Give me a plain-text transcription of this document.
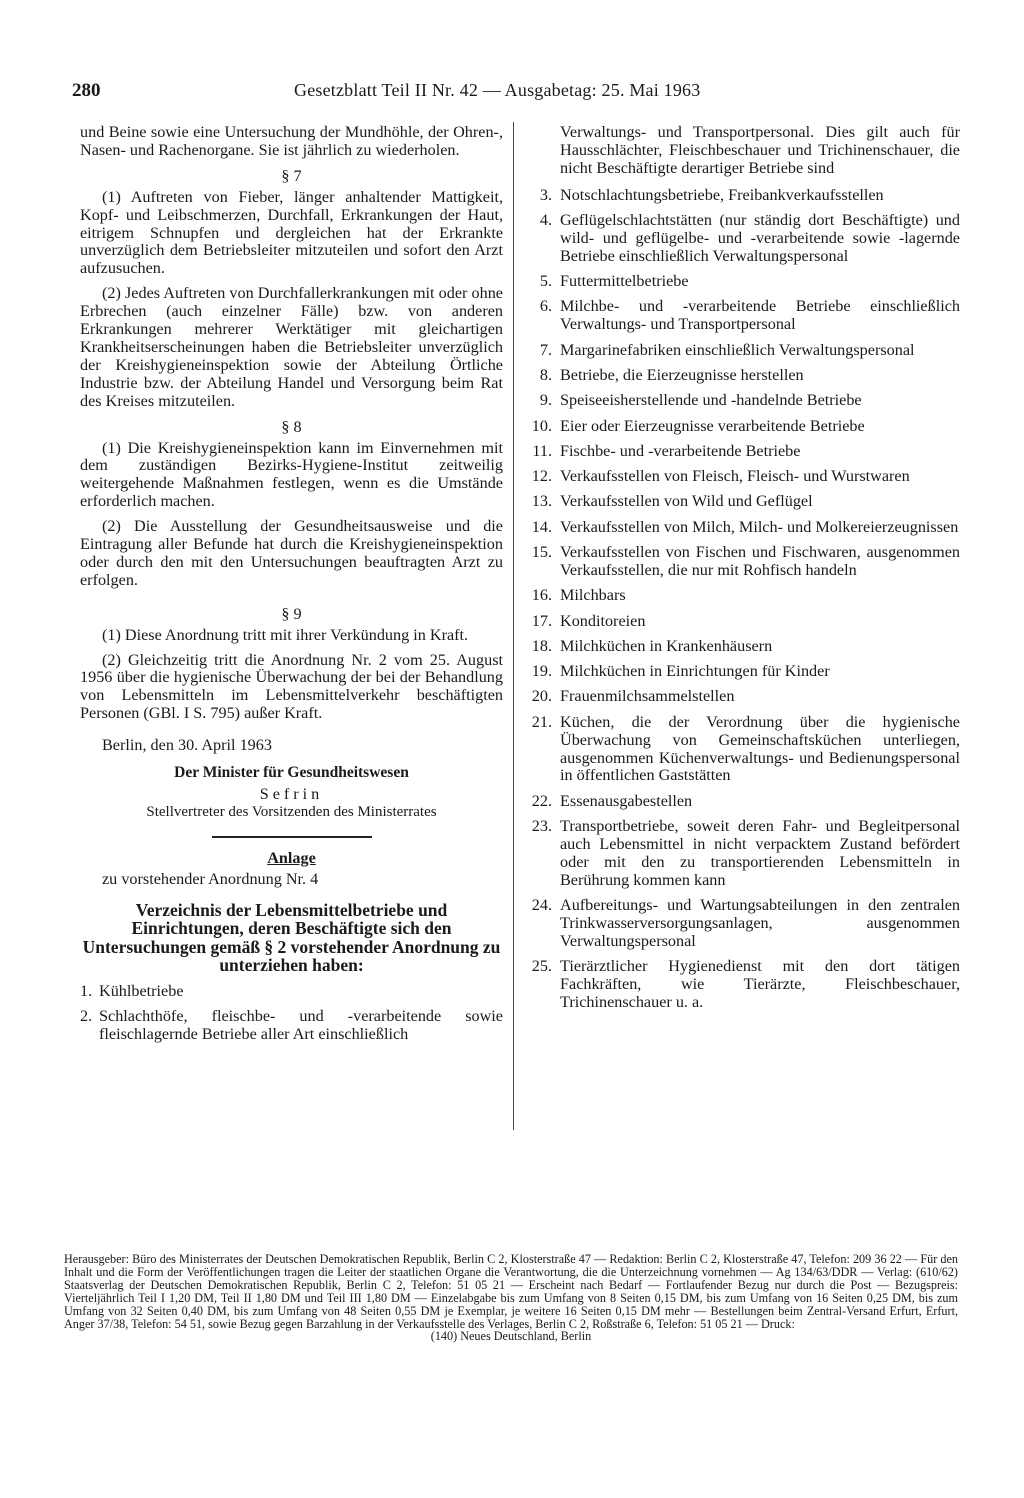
280	Gesetzblatt Teil II Nr. 42 — Ausgabetag: 25. Mai 1963

und Beine sowie eine Untersuchung der Mundhöhle, der Ohren-, Nasen- und Rachenorgane. Sie ist jährlich zu wiederholen.

§ 7

(1) Auftreten von Fieber, länger anhaltender Mattigkeit, Kopf- und Leibschmerzen, Durchfall, Erkrankungen der Haut, eitrigem Schnupfen und dergleichen hat der Erkrankte unverzüglich dem Betriebsleiter mitzuteilen und sofort den Arzt aufzusuchen.

(2) Jedes Auftreten von Durchfallerkrankungen mit oder ohne Erbrechen (auch einzelner Fälle) bzw. von anderen Erkrankungen mehrerer Werktätiger mit gleichartigen Krankheitserscheinungen haben die Betriebsleiter unverzüglich der Kreishygieneinspektion sowie der Abteilung Örtliche Industrie bzw. der Abteilung Handel und Versorgung beim Rat des Kreises mitzuteilen.

§ 8

(1) Die Kreishygieneinspektion kann im Einvernehmen mit dem zuständigen Bezirks-Hygiene-Institut zeitweilig weitergehende Maßnahmen festlegen, wenn es die Umstände erforderlich machen.

(2) Die Ausstellung der Gesundheitsausweise und die Eintragung aller Befunde hat durch die Kreishygieneinspektion oder durch den mit den Untersuchungen beauftragten Arzt zu erfolgen.

§ 9

(1) Diese Anordnung tritt mit ihrer Verkündung in Kraft.

(2) Gleichzeitig tritt die Anordnung Nr. 2 vom 25. August 1956 über die hygienische Überwachung der bei der Behandlung von Lebensmitteln im Lebensmittelverkehr beschäftigten Personen (GBl. I S. 795) außer Kraft.

Berlin, den 30. April 1963

Der Minister für Gesundheitswesen

Sefrin

Stellvertreter des Vorsitzenden des Ministerrates

Anlage

zu vorstehender Anordnung Nr. 4

Verzeichnis der Lebensmittelbetriebe und Einrichtungen, deren Beschäftigte sich den Untersuchungen gemäß § 2 vorstehender Anordnung zu unterziehen haben:

1. Kühlbetriebe
2. Schlachthöfe, fleischbe- und -verarbeitende sowie fleischlagernde Betriebe aller Art einschließlich
Verwaltungs- und Transportpersonal. Dies gilt auch für Hausschlächter, Fleischbeschauer und Trichinenschauer, die nicht Beschäftigte derartiger Betriebe sind
3. Notschlachtungsbetriebe, Freibankverkaufsstellen
4. Geflügelschlachtstätten (nur ständig dort Beschäftigte) und wild- und geflügelbe- und -verarbeitende sowie -lagernde Betriebe einschließlich Verwaltungspersonal
5. Futtermittelbetriebe
6. Milchbe- und -verarbeitende Betriebe einschließlich Verwaltungs- und Transportpersonal
7. Margarinefabriken einschließlich Verwaltungspersonal
8. Betriebe, die Eierzeugnisse herstellen
9. Speiseeisherstellende und -handelnde Betriebe
10. Eier oder Eierzeugnisse verarbeitende Betriebe
11. Fischbe- und -verarbeitende Betriebe
12. Verkaufsstellen von Fleisch, Fleisch- und Wurstwaren
13. Verkaufsstellen von Wild und Geflügel
14. Verkaufsstellen von Milch, Milch- und Molkereierzeugnissen
15. Verkaufsstellen von Fischen und Fischwaren, ausgenommen Verkaufsstellen, die nur mit Rohfisch handeln
16. Milchbars
17. Konditoreien
18. Milchküchen in Krankenhäusern
19. Milchküchen in Einrichtungen für Kinder
20. Frauenmilchsammelstellen
21. Küchen, die der Verordnung über die hygienische Überwachung von Gemeinschaftsküchen unterliegen, ausgenommen Küchenverwaltungs- und Bedienungspersonal in öffentlichen Gaststätten
22. Essenausgabestellen
23. Transportbetriebe, soweit deren Fahr- und Begleitpersonal auch Lebensmittel in nicht verpacktem Zustand befördert oder mit den zu transportierenden Lebensmitteln in Berührung kommen kann
24. Aufbereitungs- und Wartungsabteilungen in den zentralen Trinkwasserversorgungsanlagen, ausgenommen Verwaltungspersonal
25. Tierärztlicher Hygienedienst mit den dort tätigen Fachkräften, wie Tierärzte, Fleischbeschauer, Trichinenschauer u. a.

Herausgeber: Büro des Ministerrates der Deutschen Demokratischen Republik, Berlin C 2, Klosterstraße 47 — Redaktion: Berlin C 2, Klosterstraße 47, Telefon: 209 36 22 — Für den Inhalt und die Form der Veröffentlichungen tragen die Leiter der staatlichen Organe die Verantwortung, die die Unterzeichnung vornehmen — Ag 134/63/DDR — Verlag: (610/62) Staatsverlag der Deutschen Demokratischen Republik, Berlin C 2, Telefon: 51 05 21 — Erscheint nach Bedarf — Fortlaufender Bezug nur durch die Post — Bezugspreis: Vierteljährlich Teil I 1,20 DM, Teil II 1,80 DM und Teil III 1,80 DM — Einzelabgabe bis zum Umfang von 8 Seiten 0,15 DM, bis zum Umfang von 16 Seiten 0,25 DM, bis zum Umfang von 32 Seiten 0,40 DM, bis zum Umfang von 48 Seiten 0,55 DM je Exemplar, je weitere 16 Seiten 0,15 DM mehr — Bestellungen beim Zentral-Versand Erfurt, Erfurt, Anger 37/38, Telefon: 54 51, sowie Bezug gegen Barzahlung in der Verkaufsstelle des Verlages, Berlin C 2, Roßstraße 6, Telefon: 51 05 21 — Druck:

(140) Neues Deutschland, Berlin
